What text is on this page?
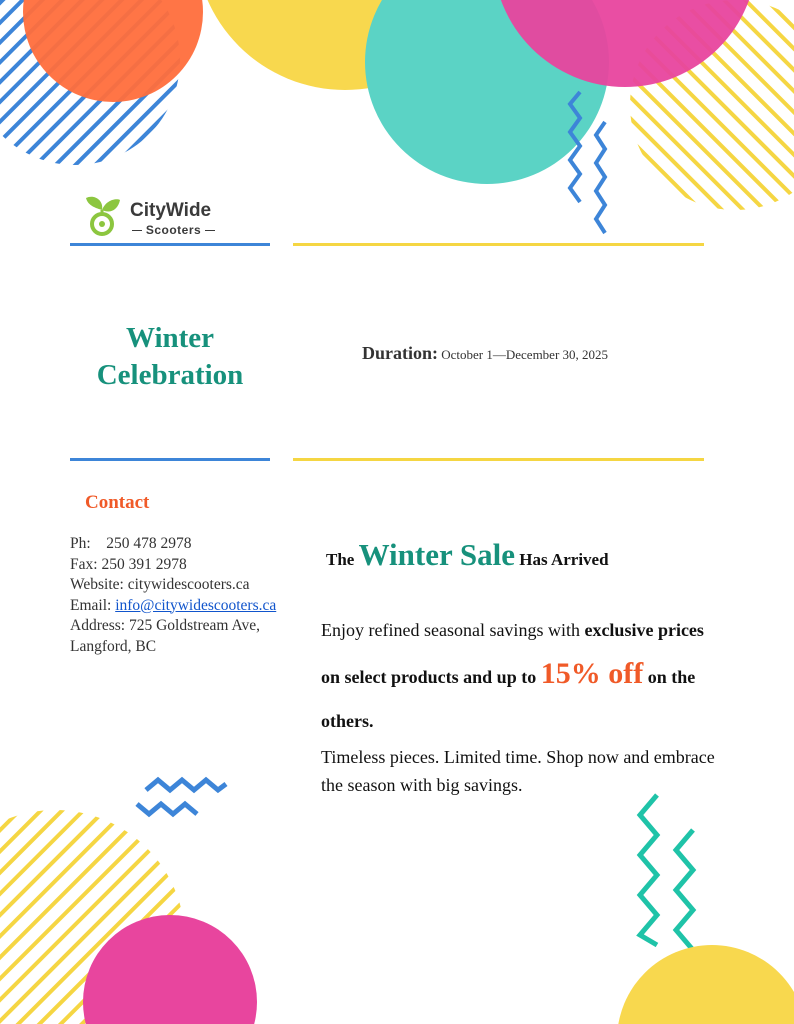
CityWide
Scooters
Winter Celebration
Duration: October 1—December 30, 2025
Contact
Ph: 250 478 2978
Fax: 250 391 2978
Website: citywidescooters.ca
Email: info@citywidescooters.ca
Address: 725 Goldstream Ave,
Langford, BC
The Winter Sale Has Arrived
Enjoy refined seasonal savings with exclusive prices on select products and up to 15% off on the others.
Timeless pieces. Limited time. Shop now and embrace the season with big savings.
